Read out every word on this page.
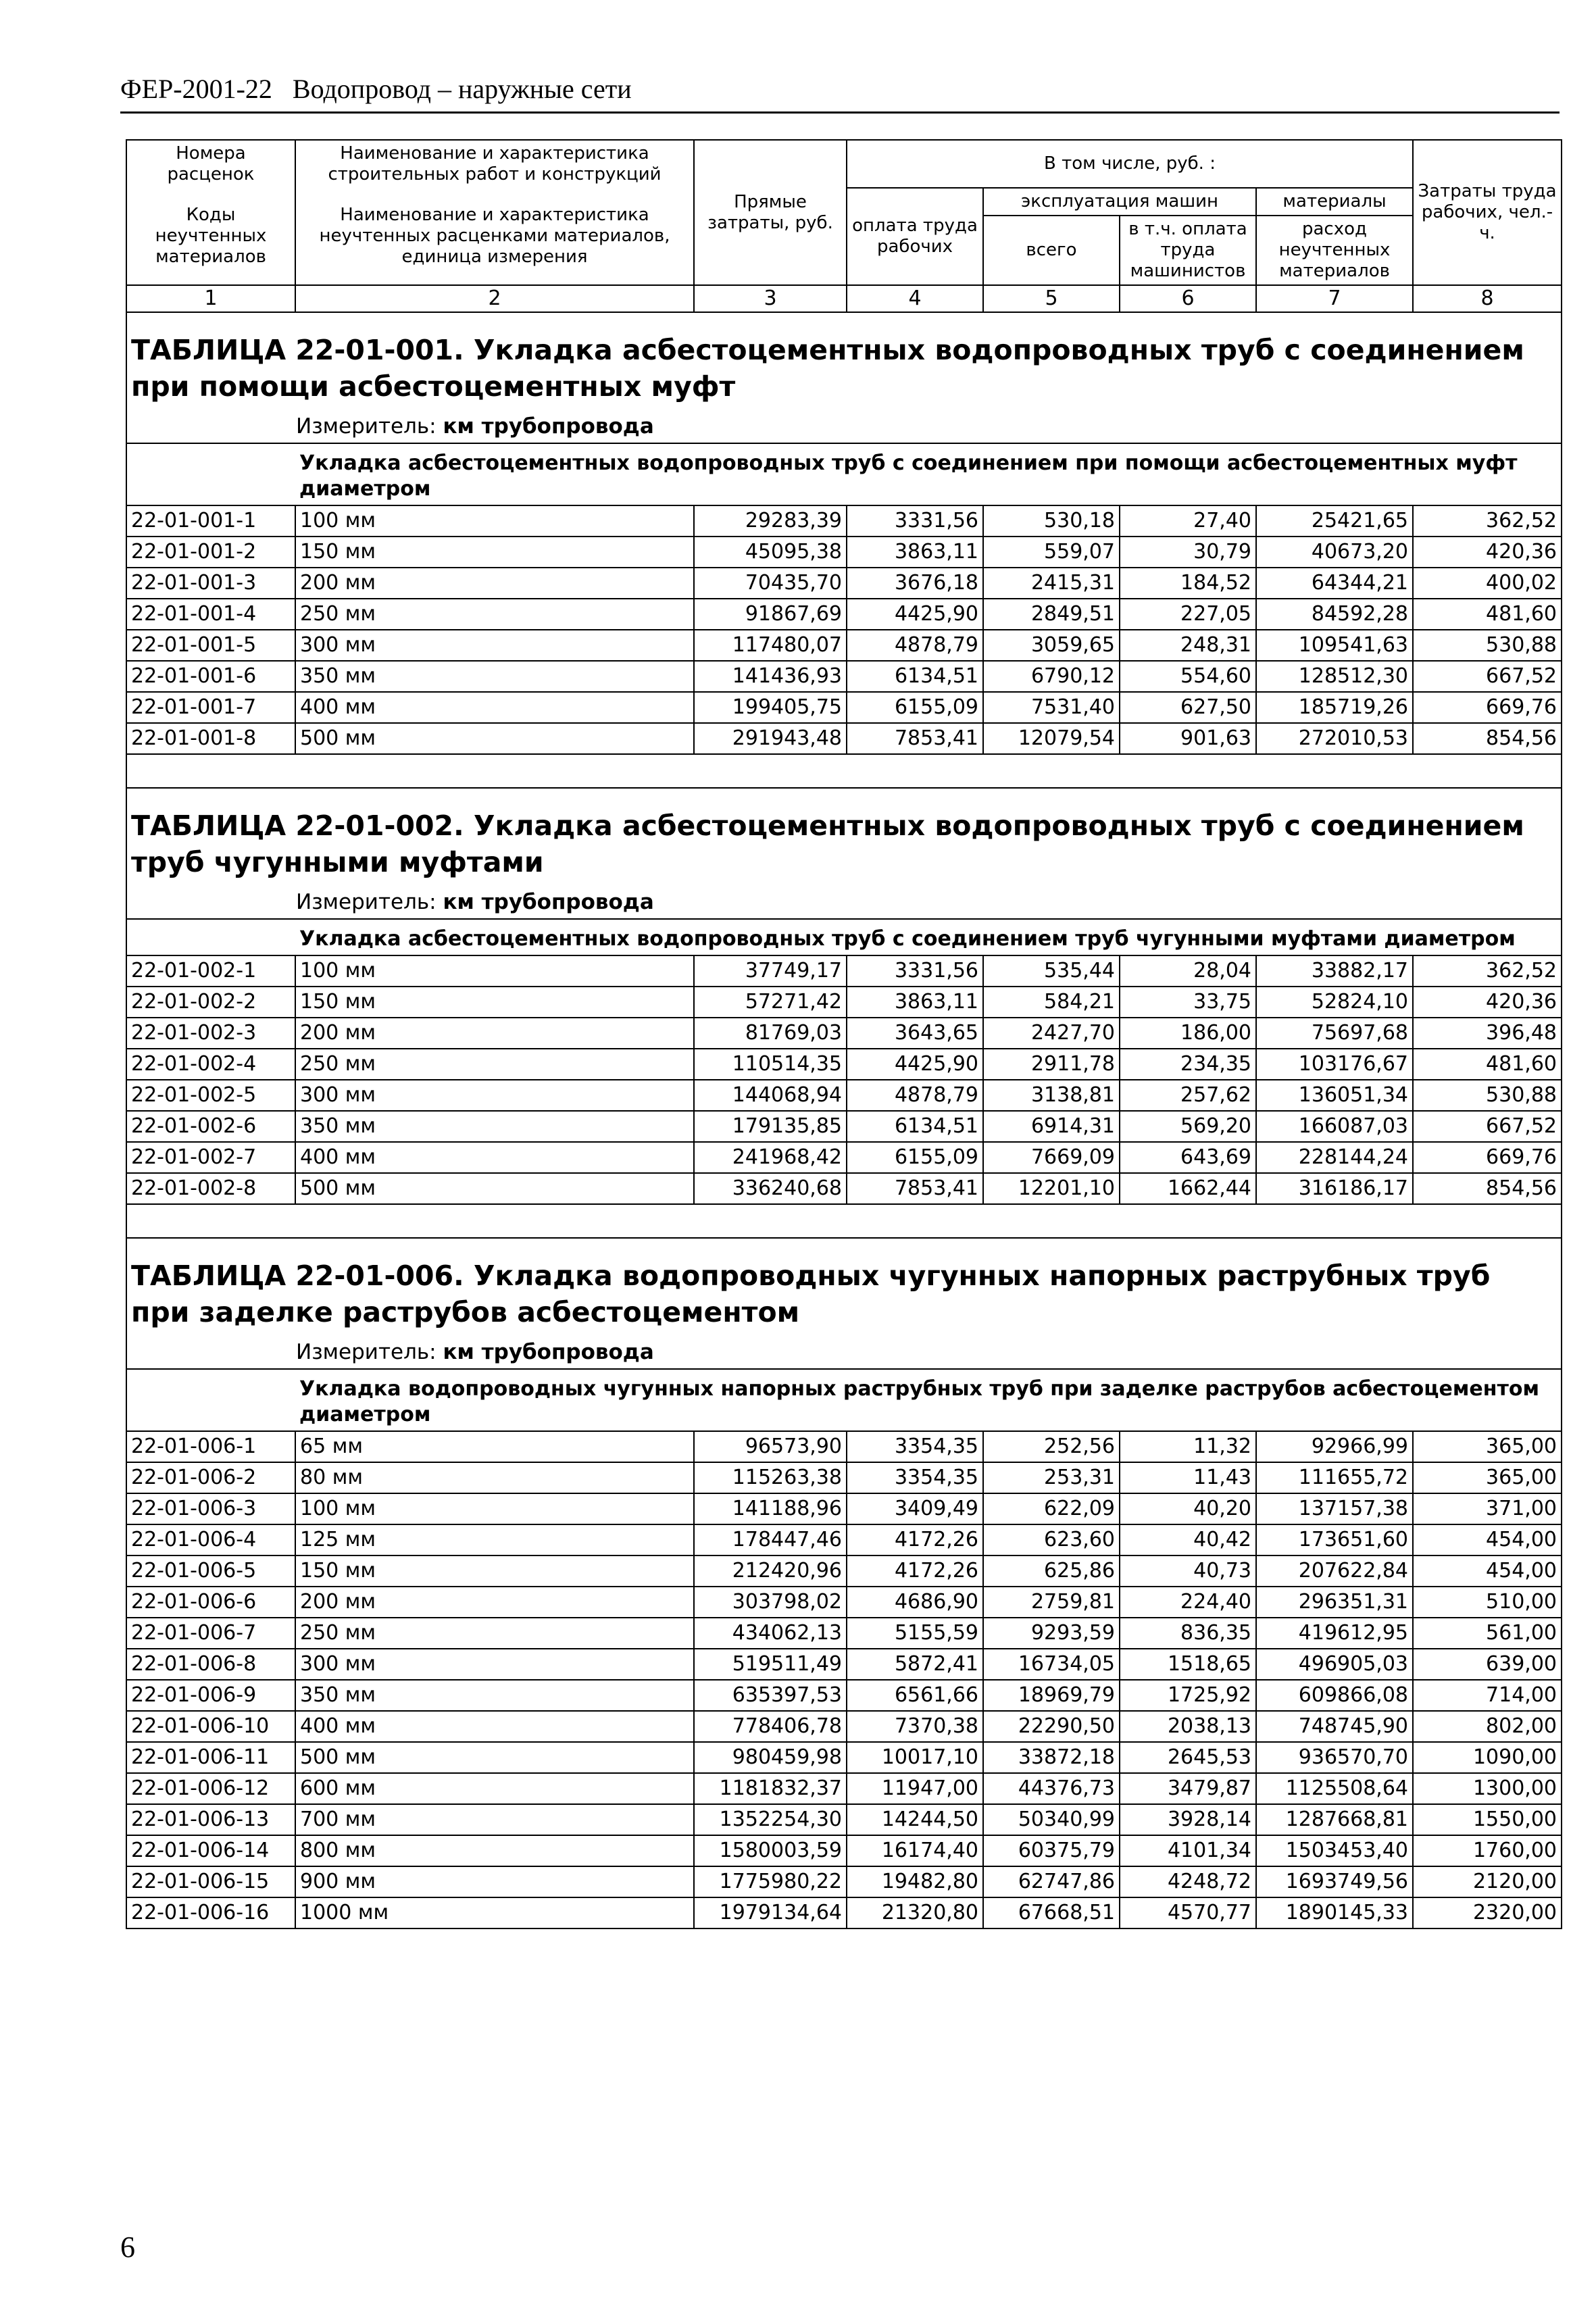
ФЕР-2001-22 Водопровод – наружные сети
Номера расценок	Наименование и характеристика строительных работ и конструкций	Прямые затраты, руб.	В том числе, руб. :				Затраты труда рабочих, чел.-ч.
Коды неучтенных материалов	Наименование и характеристика неучтенных расценками материалов, единица измерения		оплата труда рабочих	эксплуатация машин		материалы	
				всего	в т.ч. оплата труда машинистов	расход неучтенных материалов	

1	2	3	4	5	6	7	8
ТАБЛИЦА 22-01-001. Укладка асбестоцементных водопроводных труб с соединением при помощи асбестоцементных муфт							
Измеритель: км трубопровода							
Укладка асбестоцементных водопроводных труб с соединением при помощи асбестоцементных муфт диаметром							
22-01-001-1	100 мм	29283,39	3331,56	530,18	27,40	25421,65	362,52
22-01-001-2	150 мм	45095,38	3863,11	559,07	30,79	40673,20	420,36
22-01-001-3	200 мм	70435,70	3676,18	2415,31	184,52	64344,21	400,02
22-01-001-4	250 мм	91867,69	4425,90	2849,51	227,05	84592,28	481,60
22-01-001-5	300 мм	117480,07	4878,79	3059,65	248,31	109541,63	530,88
22-01-001-6	350 мм	141436,93	6134,51	6790,12	554,60	128512,30	667,52
22-01-001-7	400 мм	199405,75	6155,09	7531,40	627,50	185719,26	669,76
22-01-001-8	500 мм	291943,48	7853,41	12079,54	901,63	272010,53	854,56

ТАБЛИЦА 22-01-002. Укладка асбестоцементных водопроводных труб с соединением труб чугунными муфтами							
Измеритель: км трубопровода							
Укладка асбестоцементных водопроводных труб с соединением труб чугунными муфтами диаметром							
22-01-002-1	100 мм	37749,17	3331,56	535,44	28,04	33882,17	362,52
22-01-002-2	150 мм	57271,42	3863,11	584,21	33,75	52824,10	420,36
22-01-002-3	200 мм	81769,03	3643,65	2427,70	186,00	75697,68	396,48
22-01-002-4	250 мм	110514,35	4425,90	2911,78	234,35	103176,67	481,60
22-01-002-5	300 мм	144068,94	4878,79	3138,81	257,62	136051,34	530,88
22-01-002-6	350 мм	179135,85	6134,51	6914,31	569,20	166087,03	667,52
22-01-002-7	400 мм	241968,42	6155,09	7669,09	643,69	228144,24	669,76
22-01-002-8	500 мм	336240,68	7853,41	12201,10	1662,44	316186,17	854,56

ТАБЛИЦА 22-01-006. Укладка водопроводных чугунных напорных раструбных труб при заделке раструбов асбестоцементом							
Измеритель: км трубопровода							
Укладка водопроводных чугунных напорных раструбных труб при заделке раструбов асбестоцементом диаметром							
22-01-006-1	65 мм	96573,90	3354,35	252,56	11,32	92966,99	365,00
22-01-006-2	80 мм	115263,38	3354,35	253,31	11,43	111655,72	365,00
22-01-006-3	100 мм	141188,96	3409,49	622,09	40,20	137157,38	371,00
22-01-006-4	125 мм	178447,46	4172,26	623,60	40,42	173651,60	454,00
22-01-006-5	150 мм	212420,96	4172,26	625,86	40,73	207622,84	454,00
22-01-006-6	200 мм	303798,02	4686,90	2759,81	224,40	296351,31	510,00
22-01-006-7	250 мм	434062,13	5155,59	9293,59	836,35	419612,95	561,00
22-01-006-8	300 мм	519511,49	5872,41	16734,05	1518,65	496905,03	639,00
22-01-006-9	350 мм	635397,53	6561,66	18969,79	1725,92	609866,08	714,00
22-01-006-10	400 мм	778406,78	7370,38	22290,50	2038,13	748745,90	802,00
22-01-006-11	500 мм	980459,98	10017,10	33872,18	2645,53	936570,70	1090,00
22-01-006-12	600 мм	1181832,37	11947,00	44376,73	3479,87	1125508,64	1300,00
22-01-006-13	700 мм	1352254,30	14244,50	50340,99	3928,14	1287668,81	1550,00
22-01-006-14	800 мм	1580003,59	16174,40	60375,79	4101,34	1503453,40	1760,00
22-01-006-15	900 мм	1775980,22	19482,80	62747,86	4248,72	1693749,56	2120,00
22-01-006-16	1000 мм	1979134,64	21320,80	67668,51	4570,77	1890145,33	2320,00
6
